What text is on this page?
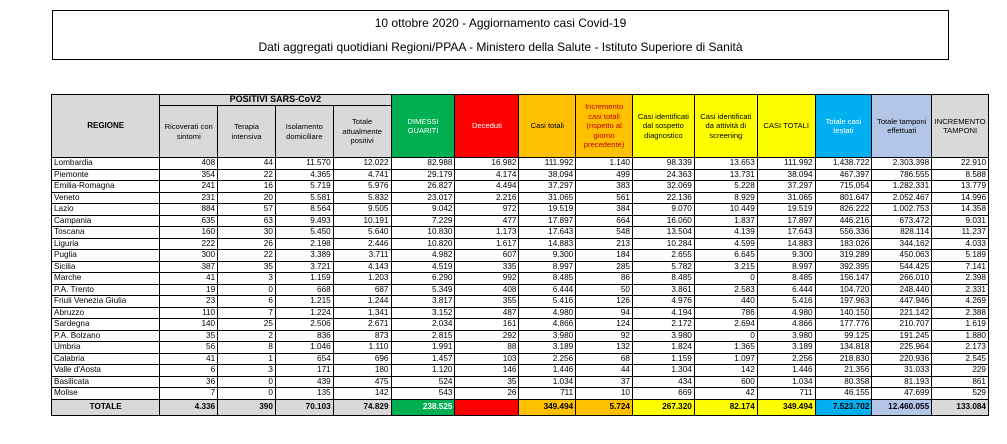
10 ottobre 2020 - Aggiornamento casi Covid-19
Dati aggregati quotidiani Regioni/PPAA - Ministero della Salute - Istituto Superiore di Sanità
REGIONE	POSITIVI SARS-CoV2				DIMESSI GUARITI	Deceduti	Casi totali	Incremento casi totali (rispetto al giorno precedente)	Casi identificati dal sospetto diagnostico	Casi identificati da attività di screening	CASI TOTALI	Totale casi testati	Totale tamponi effettuati	INCREMENTO TAMPONI
	Ricoverati con sintomi	Terapia intensiva	Isolamento domiciliare	Totale attualmente positivi										
Lombardia	408	44	11.570	12.022	82.988	16.982	111.992	1.140	98.339	13.653	111.992	1.438.722	2.303.398	22.910
Piemonte	354	22	4.365	4.741	29.179	4.174	38.094	499	24.363	13.731	38.094	467.397	786.555	8.588
Emilia-Romagna	241	16	5.719	5.976	26.827	4.494	37.297	383	32.069	5.228	37.297	715.054	1.282.331	13.779
Veneto	231	20	5.581	5.832	23.017	2.216	31.065	561	22.136	8.929	31.065	801.647	2.052.467	14.996
Lazio	884	57	8.564	9.505	9.042	972	19.519	384	9.070	10.449	19.519	826.222	1.002.753	14.358
Campania	635	63	9.493	10.191	7.229	477	17.897	664	16.060	1.837	17.897	446.216	673.472	9.031
Toscana	160	30	5.450	5.640	10.830	1.173	17.643	548	13.504	4.139	17.643	556.336	828.114	11.237
Liguria	222	26	2.198	2.446	10.820	1.617	14.883	213	10.284	4.599	14.883	183.026	344.162	4.033
Puglia	300	22	3.389	3.711	4.982	607	9.300	184	2.655	6.645	9.300	319.289	450.063	5.189
Sicilia	387	35	3.721	4.143	4.519	335	8.997	285	5.782	3.215	8.997	392.395	544.425	7.141
Marche	41	3	1.159	1.203	6.290	992	8.485	86	8.485	0	8.485	156.147	266.010	2.398
P.A. Trento	19	0	668	687	5.349	408	6.444	50	3.861	2.583	6.444	104.720	248.440	2.331
Friuli Venezia Giulia	23	6	1.215	1.244	3.817	355	5.416	126	4.976	440	5.416	197.963	447.946	4.269
Abruzzo	110	7	1.224	1.341	3.152	487	4.980	94	4.194	786	4.980	140.150	221.142	2.388
Sardegna	140	25	2.506	2.671	2.034	161	4.866	124	2.172	2.694	4.866	177.776	210.707	1.619
P.A. Bolzano	35	2	836	873	2.815	292	3.980	92	3.980	0	3.980	99.125	191.245	1.880
Umbria	56	8	1.046	1.110	1.991	88	3.189	132	1.824	1.365	3.189	134.818	225.964	2.173
Calabria	41	1	654	696	1.457	103	2.256	68	1.159	1.097	2.256	218.830	220.936	2.545
Valle d'Aosta	6	3	171	180	1.120	146	1.446	44	1.304	142	1.446	21.356	31.033	229
Basilicata	36	0	439	475	524	35	1.034	37	434	600	1.034	80.358	81.193	861
Molise	7	0	135	142	543	26	711	10	669	42	711	46.155	47.699	529
TOTALE	4.336	390	70.103	74.829	238.525	36.140	349.494	5.724	267.320	82.174	349.494	7.523.702	12.460.055	133.084
